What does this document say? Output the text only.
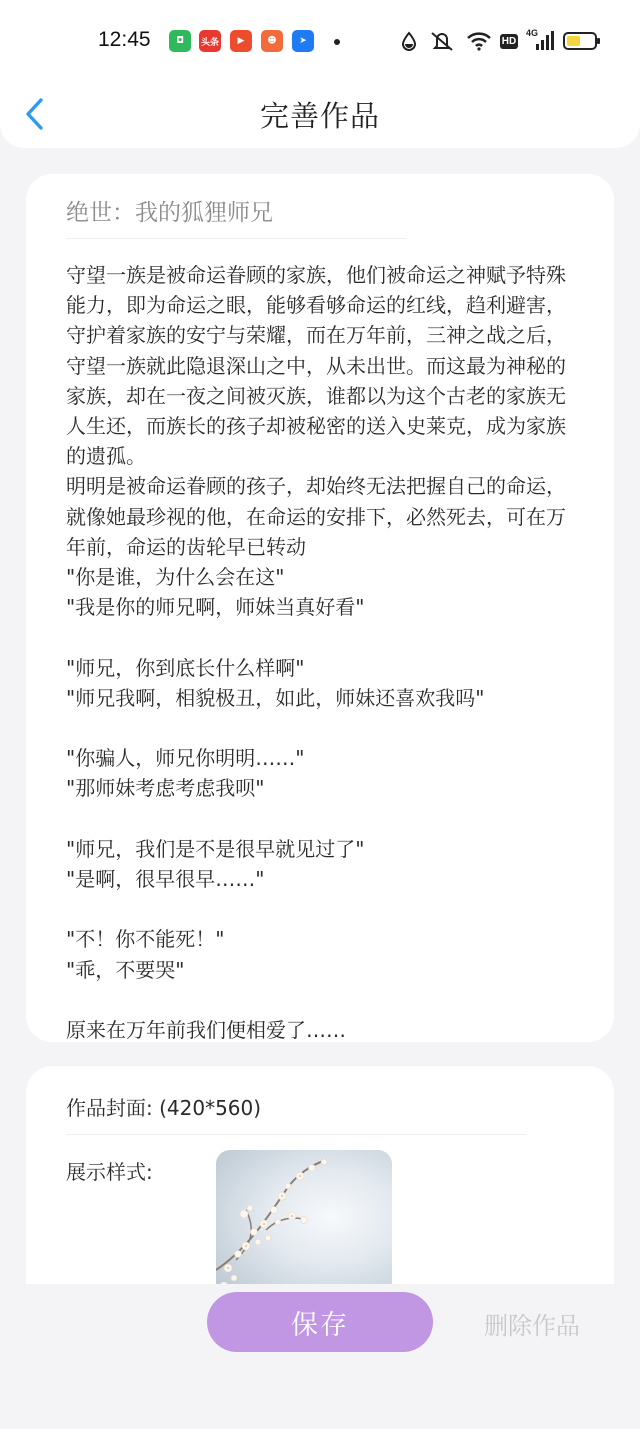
12:45	◘	头条	▶	☻	➤	HD
4G
完善作品
绝世：我的狐狸师兄
守望一族是被命运眷顾的家族，他们被命运之神赋予特殊能力，即为命运之眼，能够看够命运的红线，趋利避害，守护着家族的安宁与荣耀，而在万年前，三神之战之后，守望一族就此隐退深山之中，从未出世。而这最为神秘的家族，却在一夜之间被灭族，谁都以为这个古老的家族无人生还，而族长的孩子却被秘密的送入史莱克，成为家族的遗孤。
明明是被命运眷顾的孩子，却始终无法把握自己的命运，就像她最珍视的他，在命运的安排下，必然死去，可在万年前，命运的齿轮早已转动
"你是谁，为什么会在这"
"我是你的师兄啊，师妹当真好看"
"师兄，你到底长什么样啊"
"师兄我啊，相貌极丑，如此，师妹还喜欢我吗"
"你骗人，师兄你明明……"
"那师妹考虑考虑我呗"
"师兄，我们是不是很早就见过了"
"是啊，很早很早……"
"不！你不能死！"
"乖，不要哭"
原来在万年前我们便相爱了……
作品封面: (420*560)
展示样式:
保存	删除作品
